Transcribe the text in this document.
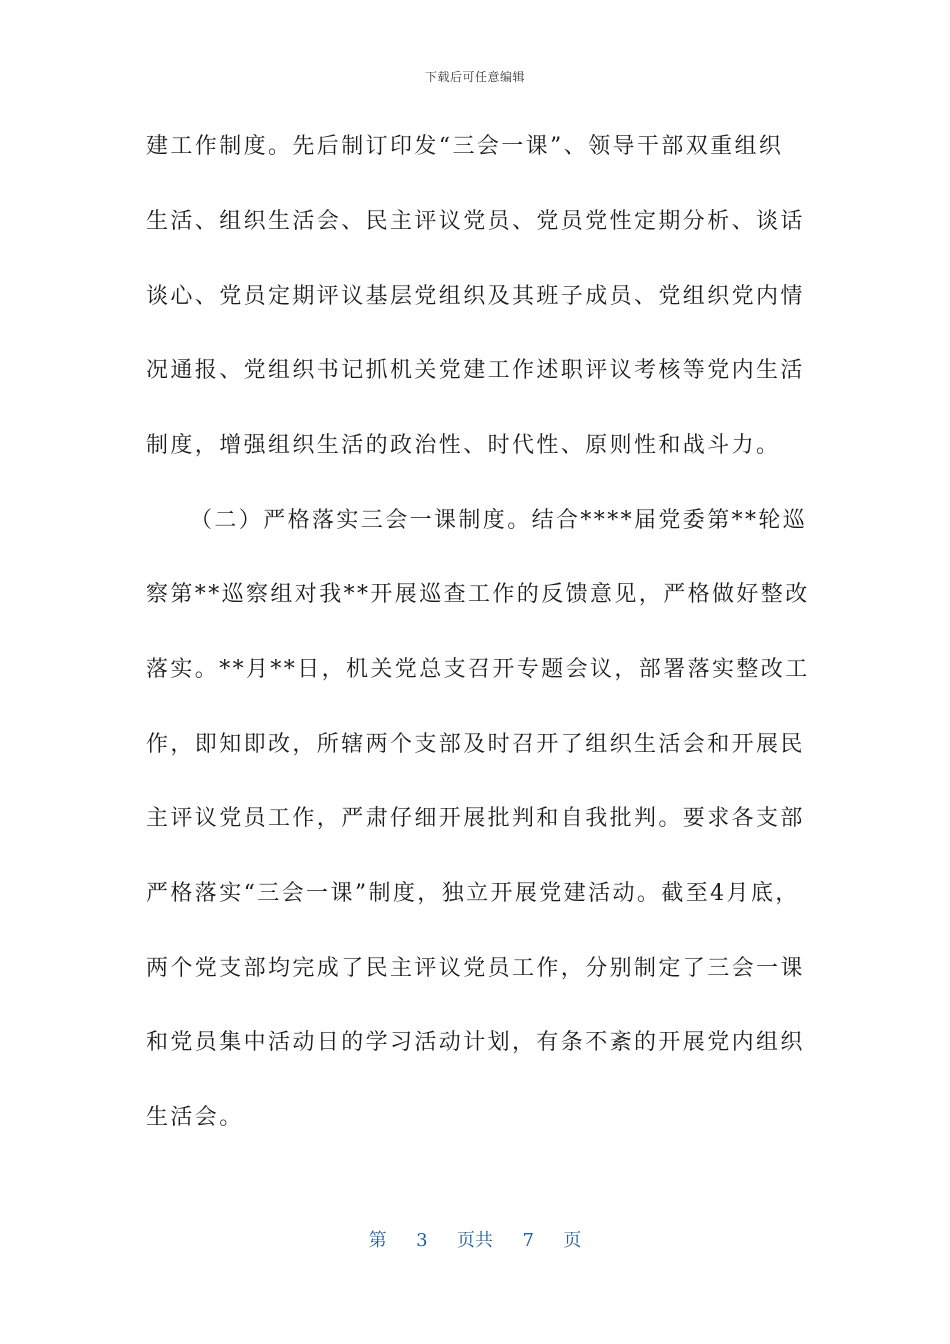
下载后可任意编辑
建工作制度。先后制订印发“三会一课”、领导干部双重组织
生活、组织生活会、民主评议党员、党员党性定期分析、谈话
谈心、党员定期评议基层党组织及其班子成员、党组织党内情
况通报、党组织书记抓机关党建工作述职评议考核等党内生活
制度，增强组织生活的政治性、时代性、原则性和战斗力。
（二）严格落实三会一课制度。结合****届党委第**轮巡
察第**巡察组对我**开展巡查工作的反馈意见，严格做好整改
落实。**月**日，机关党总支召开专题会议，部署落实整改工
作，即知即改，所辖两个支部及时召开了组织生活会和开展民
主评议党员工作，严肃仔细开展批判和自我批判。要求各支部
严格落实“三会一课”制度，独立开展党建活动。截至4月底，
两个党支部均完成了民主评议党员工作，分别制定了三会一课
和党员集中活动日的学习活动计划，有条不紊的开展党内组织
生活会。
第 3 页共 7 页
